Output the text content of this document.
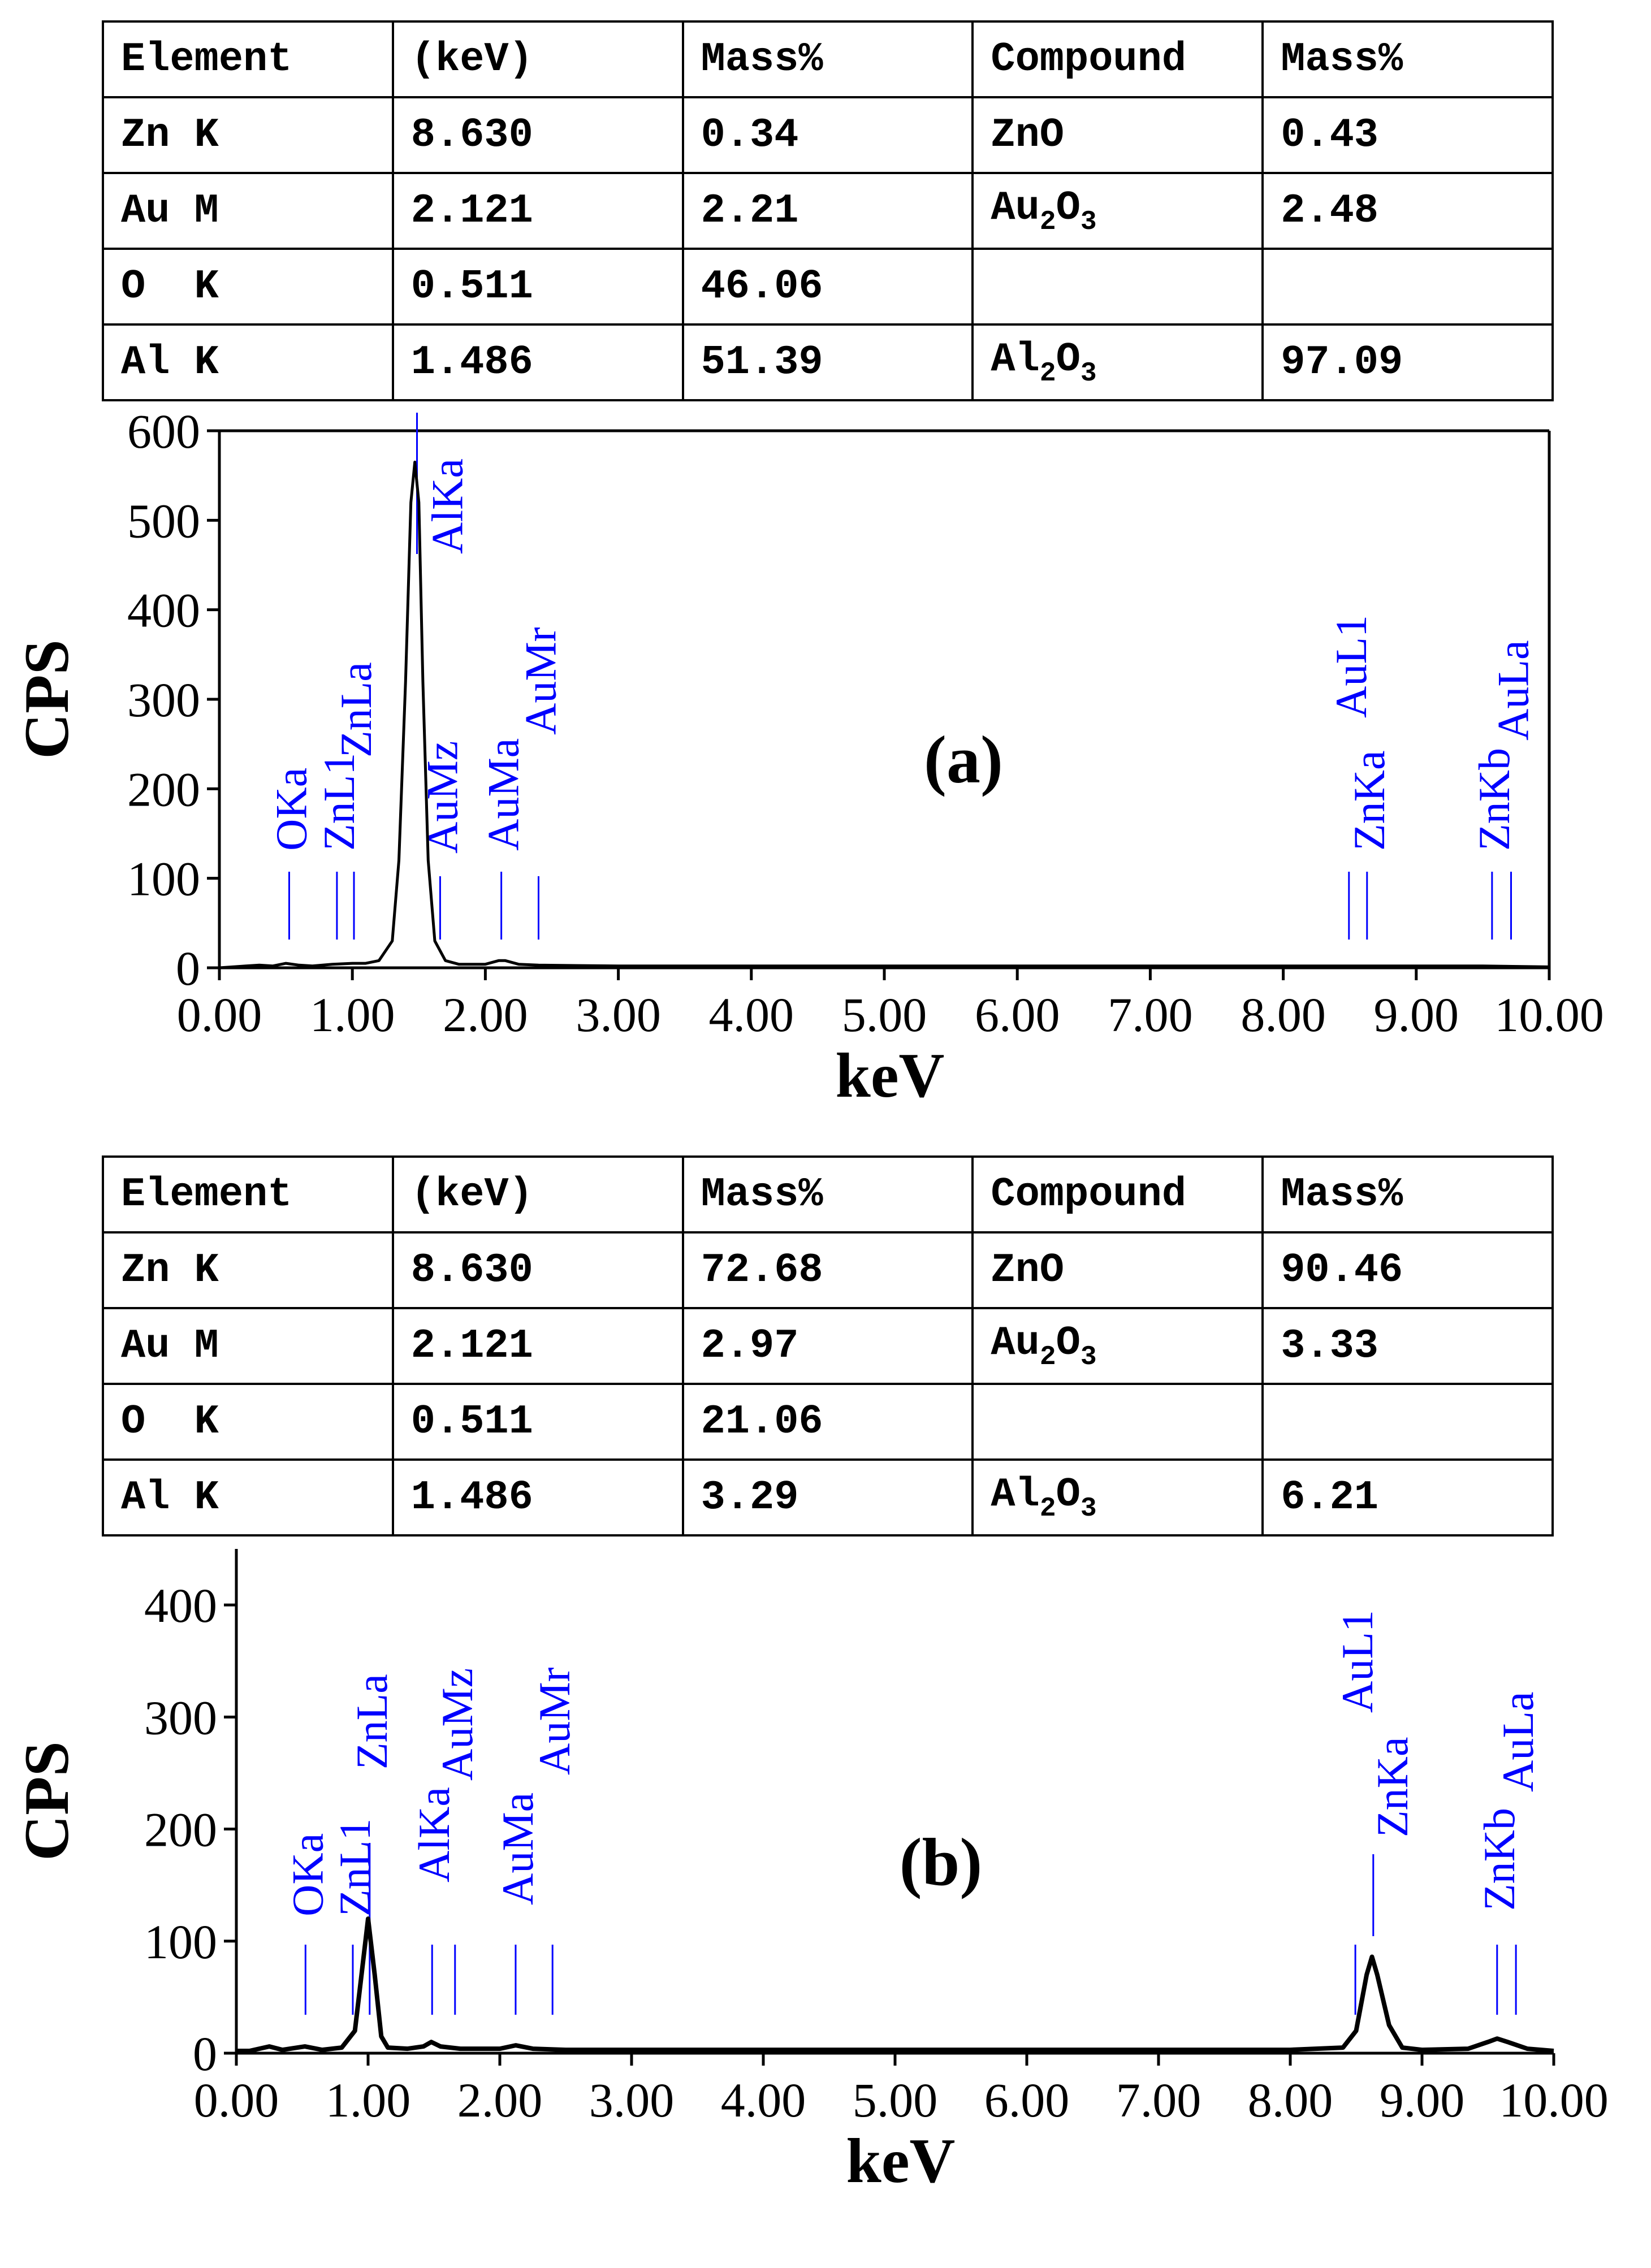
Element	(keV)	Mass%	Compound	Mass%
Zn K	8.630	0.34	ZnO	0.43
Au M	2.121	2.21	Au2O3	2.48
O  K	0.511	46.06		
Al K	1.486	51.39	Al2O3	97.09
0.00 1.00 2.00 3.00 4.00 5.00 6.00 7.00 8.00 9.00 10.00
0
100
200
300
400
500
600
keV
CPS
OKa
ZnL1
ZnLa
AlKa
AuMz AuMa
AuMr
ZnKa
AuL1
ZnKb
AuLa
(a)
Element	(keV)	Mass%	Compound	Mass%
Zn K	8.630	72.68	ZnO	90.46
Au M	2.121	2.97	Au2O3	3.33
O  K	0.511	21.06		
Al K	1.486	3.29	Al2O3	6.21
0.00 1.00 2.00 3.00 4.00 5.00 6.00 7.00 8.00 9.00 10.00
0
100
200
300
400
keV
CPS
OKa
ZnL1
ZnLa
AlKa
AuMz
AuMa
AuMr
AuL1
ZnKa
ZnKb
AuLa
(b)
